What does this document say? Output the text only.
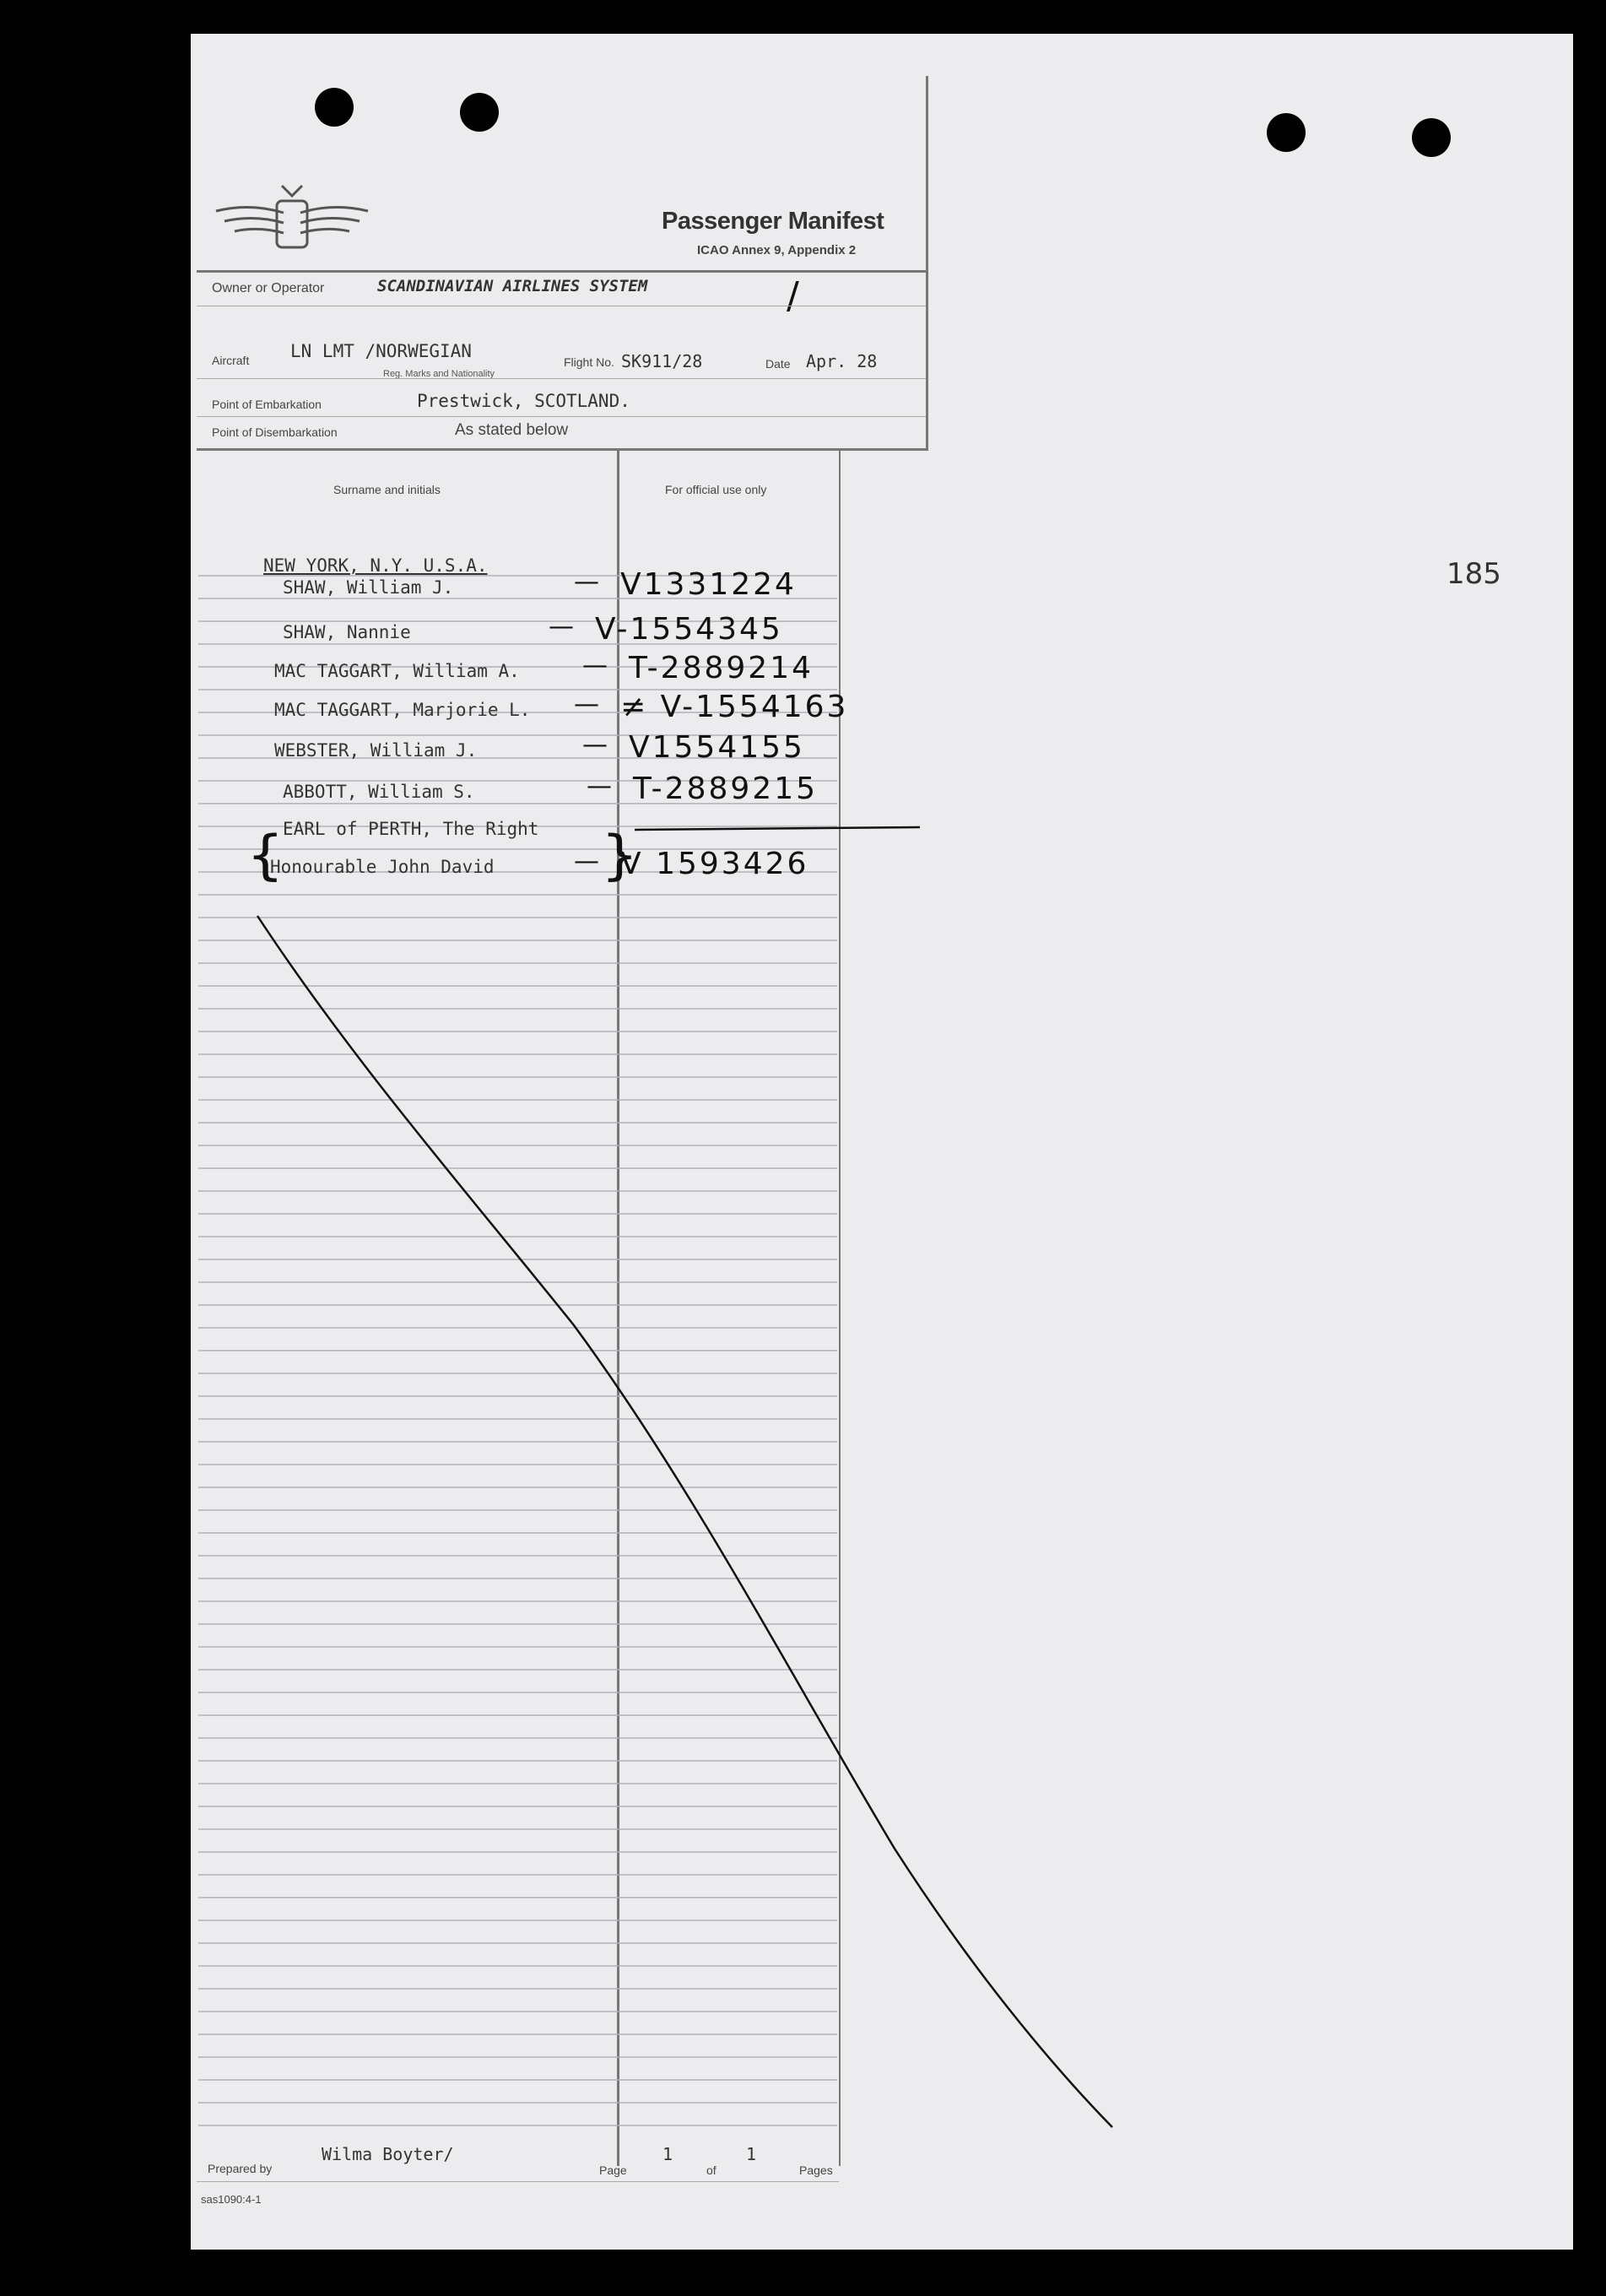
Passenger Manifest
ICAO Annex 9, Appendix 2
Owner or Operator	SCANDINAVIAN AIRLINES SYSTEM	/
Aircraft LN LMT /NORWEGIAN
Reg. Marks and Nationality
Flight No. SK911/28	Date Apr. 28
Point of Embarkation	Prestwick, SCOTLAND.
Point of Disembarkation	As stated below
Surname and initials	For official use only
NEW YORK, N.Y. U.S.A.
SHAW, William J.	V1331224
—
SHAW, Nannie	V-1554345
—
MAC TAGGART, William A.	T-2889214
—
MAC TAGGART, Marjorie L.	≠ V-1554163
—
WEBSTER, William J.	V1554155
—
ABBOTT, William S.	T-2889215
—
EARL of PERTH, The Right
Honourable John David	V 1593426
—
{	}
185
Prepared by
Wilma Boyter/
Page
1
of
1
Pages
sas1090:4-1
